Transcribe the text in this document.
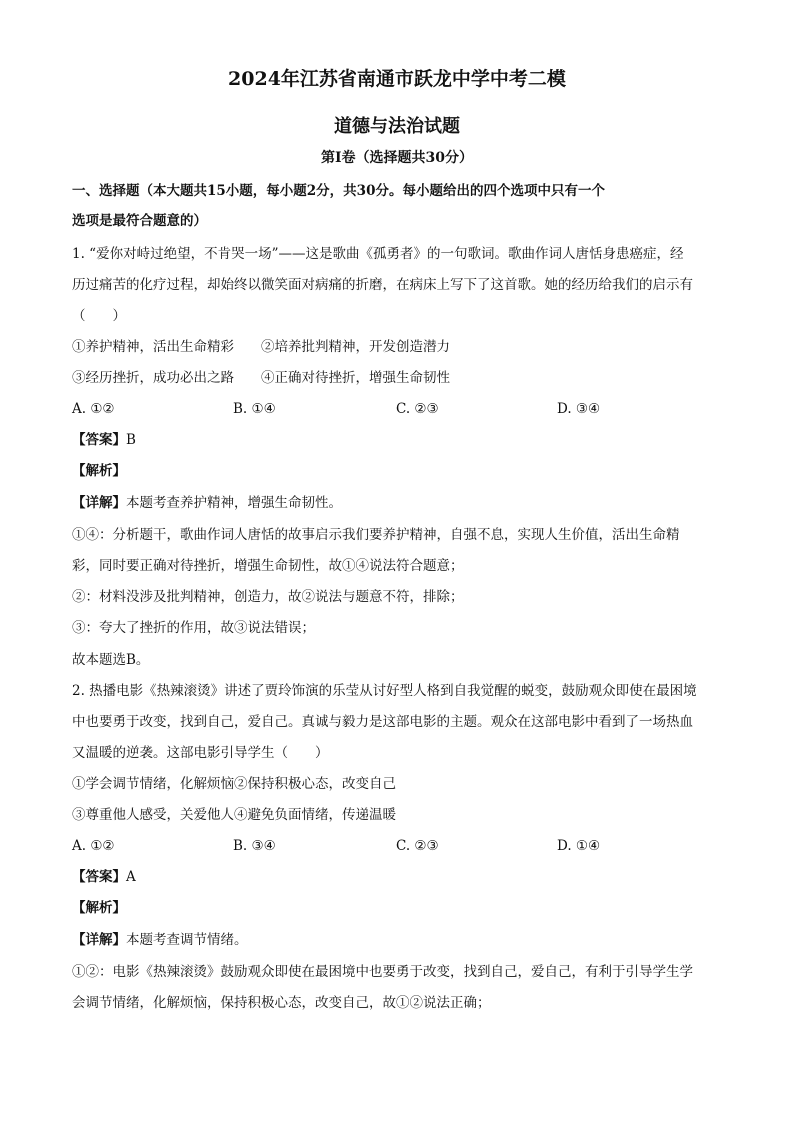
2024年江苏省南通市跃龙中学中考二模
道德与法治试题
第Ⅰ卷（选择题共30分）
一、选择题（本大题共15小题，每小题2分，共30分。每小题给出的四个选项中只有一个
选项是最符合题意的）
1. “爱你对峙过绝望，不肯哭一场”——这是歌曲《孤勇者》的一句歌词。歌曲作词人唐恬身患癌症，经
历过痛苦的化疗过程，却始终以微笑面对病痛的折磨，在病床上写下了这首歌。她的经历给我们的启示有
（　　）
①养护精神，活出生命精彩　　②培养批判精神，开发创造潜力
③经历挫折，成功必出之路　　④正确对待挫折，增强生命韧性
A. ①②	B. ①④	C. ②③	D. ③④
【答案】B
【解析】
【详解】本题考查养护精神，增强生命韧性。
①④：分析题干，歌曲作词人唐恬的故事启示我们要养护精神，自强不息，实现人生价值，活出生命精
彩，同时要正确对待挫折，增强生命韧性，故①④说法符合题意；
②：材料没涉及批判精神，创造力，故②说法与题意不符，排除；
③：夸大了挫折的作用，故③说法错误；
故本题选B。
2. 热播电影《热辣滚烫》讲述了贾玲饰演的乐莹从讨好型人格到自我觉醒的蜕变，鼓励观众即使在最困境
中也要勇于改变，找到自己，爱自己。真诚与毅力是这部电影的主题。观众在这部电影中看到了一场热血
又温暖的逆袭。这部电影引导学生（　　）
①学会调节情绪，化解烦恼②保持积极心态，改变自己
③尊重他人感受，关爱他人④避免负面情绪，传递温暖
A. ①②	B. ③④	C. ②③	D. ①④
【答案】A
【解析】
【详解】本题考查调节情绪。
①②：电影《热辣滚烫》鼓励观众即使在最困境中也要勇于改变，找到自己，爱自己，有利于引导学生学
会调节情绪，化解烦恼，保持积极心态，改变自己，故①②说法正确；
